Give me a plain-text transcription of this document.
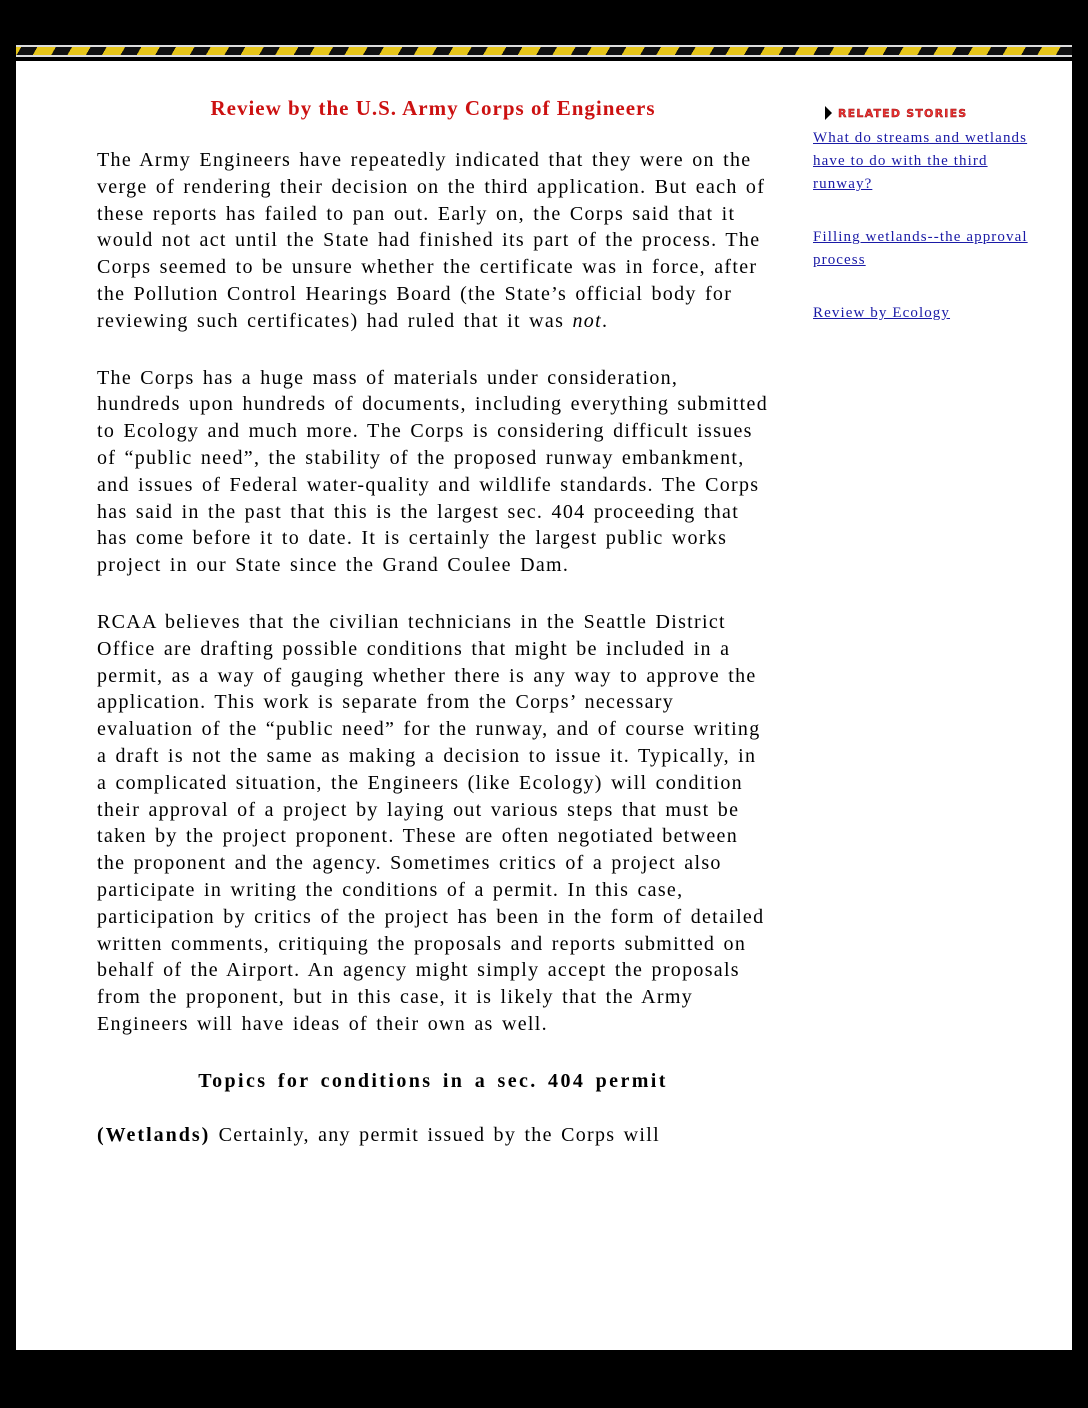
Review by the U.S. Army Corps of Engineers

The Army Engineers have repeatedly indicated that they were on the verge of rendering their decision on the third application. But each of these reports has failed to pan out. Early on, the Corps said that it would not act until the State had finished its part of the process. The Corps seemed to be unsure whether the certificate was in force, after the Pollution Control Hearings Board (the State’s official body for reviewing such certificates) had ruled that it was not.

The Corps has a huge mass of materials under consideration, hundreds upon hundreds of documents, including everything submitted to Ecology and much more. The Corps is considering difficult issues of “public need”, the stability of the proposed runway embankment, and issues of Federal water-quality and wildlife standards. The Corps has said in the past that this is the largest sec. 404 proceeding that has come before it to date. It is certainly the largest public works project in our State since the Grand Coulee Dam.

RCAA believes that the civilian technicians in the Seattle District Office are drafting possible conditions that might be included in a permit, as a way of gauging whether there is any way to approve the application. This work is separate from the Corps’ necessary evaluation of the “public need” for the runway, and of course writing a draft is not the same as making a decision to issue it. Typically, in a complicated situation, the Engineers (like Ecology) will condition their approval of a project by laying out various steps that must be taken by the project proponent. These are often negotiated between the proponent and the agency. Sometimes critics of a project also participate in writing the conditions of a permit. In this case, participation by critics of the project has been in the form of detailed written comments, critiquing the proposals and reports submitted on behalf of the Airport. An agency might simply accept the proposals from the proponent, but in this case, it is likely that the Army Engineers will have ideas of their own as well.

Topics for conditions in a sec. 404 permit

(Wetlands) Certainly, any permit issued by the Corps will

RELATED STORIES
What do streams and wetlands have to do with the third runway?
Filling wetlands--the approval process
Review by Ecology
